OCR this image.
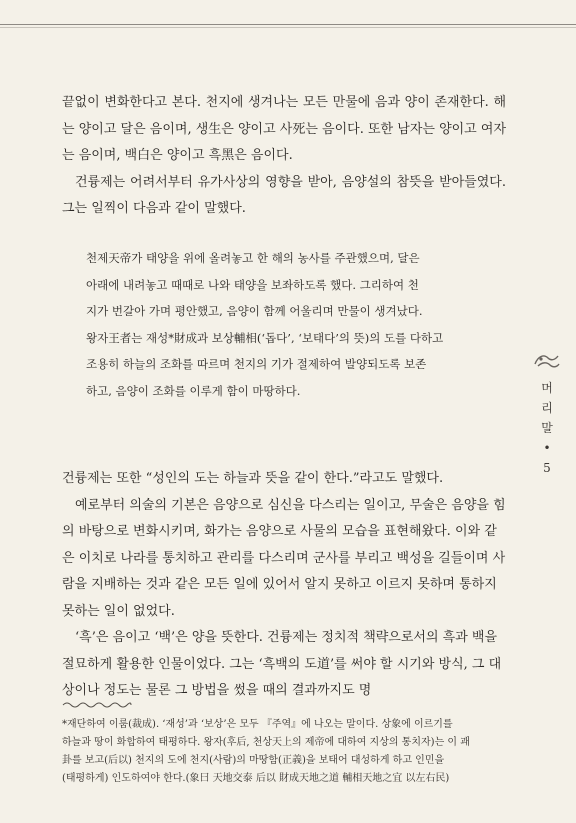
끝없이 변화한다고 본다. 천지에 생겨나는 모든 만물에 음과 양이 존재한다. 해는 양이고 달은 음이며, 생生은 양이고 사死는 음이다. 또한 남자는 양이고 여자는 음이며, 백白은 양이고 흑黑은 음이다.

건륭제는 어려서부터 유가사상의 영향을 받아, 음양설의 참뜻을 받아들였다. 그는 일찍이 다음과 같이 말했다.

천제天帝가 태양을 위에 올려놓고 한 해의 농사를 주관했으며, 달은

아래에 내려놓고 때때로 나와 태양을 보좌하도록 했다. 그리하여 천

지가 번갈아 가며 평안했고, 음양이 함께 어울리며 만물이 생겨났다.

왕자王者는 재성*財成과 보상輔相(‘돕다’, ‘보태다’의 뜻)의 도를 다하고

조용히 하늘의 조화를 따르며 천지의 기가 절제하여 발양되도록 보존

하고, 음양이 조화를 이루게 함이 마땅하다.

건륭제는 또한 “성인의 도는 하늘과 뜻을 같이 한다.”라고도 말했다.

예로부터 의술의 기본은 음양으로 심신을 다스리는 일이고, 무술은 음양을 힘의 바탕으로 변화시키며, 화가는 음양으로 사물의 모습을 표현해왔다. 이와 같은 이치로 나라를 통치하고 관리를 다스리며 군사를 부리고 백성을 길들이며 사람을 지배하는 것과 같은 모든 일에 있어서 알지 못하고 이르지 못하며 통하지 못하는 일이 없었다.

‘흑’은 음이고 ‘백’은 양을 뜻한다. 건륭제는 정치적 책략으로서의 흑과 백을 절묘하게 활용한 인물이었다. 그는 ‘흑백의 도道’를 써야 할 시기와 방식, 그 대상이나 정도는 물론 그 방법을 썼을 때의 결과까지도 명

머
리
말
•
5

*재단하여 이룸(裁成). ‘재성’과 ‘보상’은 모두 『주역』에 나오는 말이다. 상象에 이르기를

하늘과 땅이 화합하여 태평하다. 왕자(후后, 천상天上의 제帝에 대하여 지상의 통치자)는 이 괘

卦를 보고(后以) 천지의 도에 천지(사람)의 마땅함(正義)을 보태어 대성하게 하고 인민을

(태평하게) 인도하여야 한다.(象曰 天地交泰 后以 財成天地之道 輔相天地之宜 以左右民)
